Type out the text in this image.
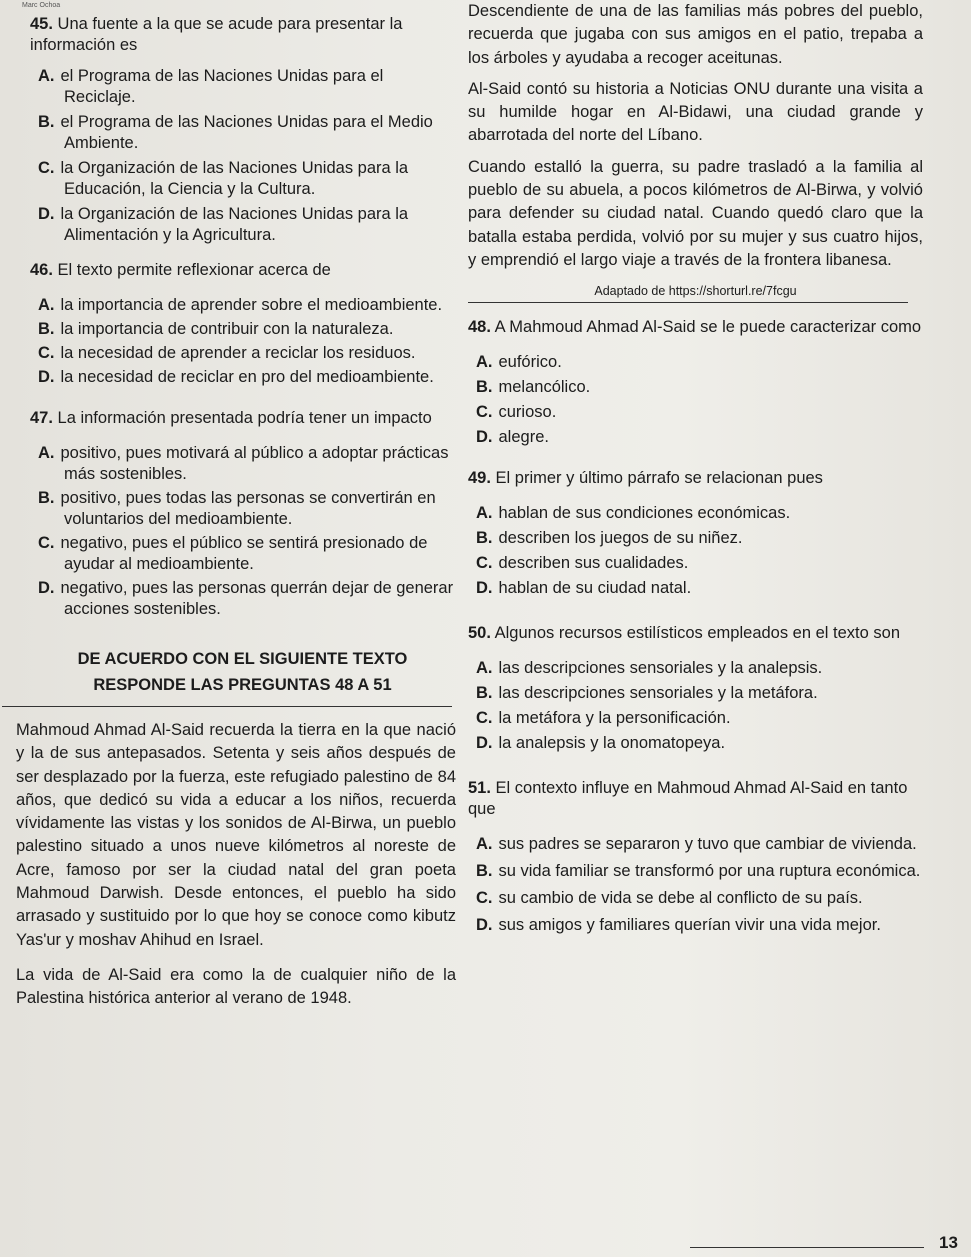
Marc Ochoa

45. Una fuente a la que se acude para presentar la información es

A. el Programa de las Naciones Unidas para el Reciclaje.

B. el Programa de las Naciones Unidas para el Medio Ambiente.

C. la Organización de las Naciones Unidas para la Educación, la Ciencia y la Cultura.

D. la Organización de las Naciones Unidas para la Alimentación y la Agricultura.

46. El texto permite reflexionar acerca de

A. la importancia de aprender sobre el medioambiente.

B. la importancia de contribuir con la naturaleza.

C. la necesidad de aprender a reciclar los residuos.

D. la necesidad de reciclar en pro del medioambiente.

47. La información presentada podría tener un impacto

A. positivo, pues motivará al público a adoptar prácticas más sostenibles.

B. positivo, pues todas las personas se convertirán en voluntarios del medioambiente.

C. negativo, pues el público se sentirá presionado de ayudar al medioambiente.

D. negativo, pues las personas querrán dejar de generar acciones sostenibles.

DE ACUERDO CON EL SIGUIENTE TEXTO

RESPONDE LAS PREGUNTAS 48 A 51

Mahmoud Ahmad Al-Said recuerda la tierra en la que nació y la de sus antepasados. Setenta y seis años después de ser desplazado por la fuerza, este refugiado palestino de 84 años, que dedicó su vida a educar a los niños, recuerda vívidamente las vistas y los sonidos de Al-Birwa, un pueblo palestino situado a unos nueve kilómetros al noreste de Acre, famoso por ser la ciudad natal del gran poeta Mahmoud Darwish. Desde entonces, el pueblo ha sido arrasado y sustituido por lo que hoy se conoce como kibutz Yas'ur y moshav Ahihud en Israel.

La vida de Al-Said era como la de cualquier niño de la Palestina histórica anterior al verano de 1948.

Descendiente de una de las familias más pobres del pueblo, recuerda que jugaba con sus amigos en el patio, trepaba a los árboles y ayudaba a recoger aceitunas.

Al-Said contó su historia a Noticias ONU durante una visita a su humilde hogar en Al-Bidawi, una ciudad grande y abarrotada del norte del Líbano.

Cuando estalló la guerra, su padre trasladó a la familia al pueblo de su abuela, a pocos kilómetros de Al-Birwa, y volvió para defender su ciudad natal. Cuando quedó claro que la batalla estaba perdida, volvió por su mujer y sus cuatro hijos, y emprendió el largo viaje a través de la frontera libanesa.

Adaptado de https://shorturl.re/7fcgu

48. A Mahmoud Ahmad Al-Said se le puede caracterizar como

A. eufórico.

B. melancólico.

C. curioso.

D. alegre.

49. El primer y último párrafo se relacionan pues

A. hablan de sus condiciones económicas.

B. describen los juegos de su niñez.

C. describen sus cualidades.

D. hablan de su ciudad natal.

50. Algunos recursos estilísticos empleados en el texto son

A. las descripciones sensoriales y la analepsis.

B. las descripciones sensoriales y la metáfora.

C. la metáfora y la personificación.

D. la analepsis y la onomatopeya.

51. El contexto influye en Mahmoud Ahmad Al-Said en tanto que

A. sus padres se separaron y tuvo que cambiar de vivienda.

B. su vida familiar se transformó por una ruptura económica.

C. su cambio de vida se debe al conflicto de su país.

D. sus amigos y familiares querían vivir una vida mejor.

13
